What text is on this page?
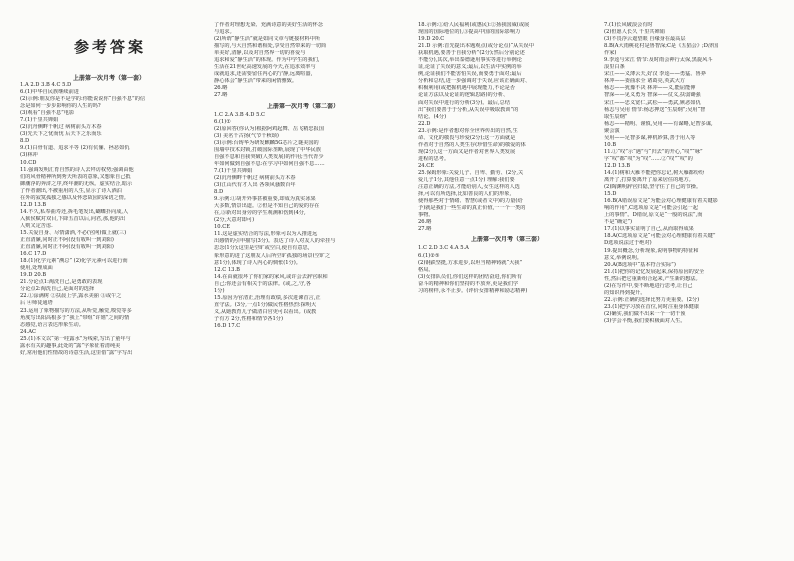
参考答案

上册第一次月考（第一套）

1.A 2.D 3.B 4.C 5.D

6.(1)中华自民族继续前进

(2)示例:朋友你是不是学的:你能说说你“自强不息”的信

念是如何一步步影响你的人生的吗?

(3)观看“自强不息”电影

7.(1)千里共婵娟

(2)沉舟侧畔千帆过 病树前头万木春

(3)先天下之忧而忧 后天下之乐而乐

8.D

9.(1)白骨有道、追求平等 (2)有伉俪、拯恶如仇

(3)林冲

10.CD

11.强调发明汇育自然的诗人去拜访权势;强调由他

们的风骨精神所到秀天所表的意象,又想象自己抵

御潮浮的奔浒之序,终年潮的无纵。虚实结合,暗示

了作者潮出,不被重用的人生,显示了诗人酒泊

在外的寂寞孤独之感以及怀恋故园的深切之情。

12.D 13.B

14.不久,私奉曲寿还,拆毛笔发出,蝴蝶扑向成,人

入狱侯赋对双目,下降五首以后,问君,那,他的出

人则又定苦虑.

15.关爱自身、尽情潇洒,不必(官网)做上就(三)

正直清廉,同时正不阿(没有收叫一到刘阳)

正直清廉,同时正不阿(没有收叫一到刘阳)

16.C 17.D

18.(1)化学元素“溯总” (2)化学元素可以进行而

使用,处理成面

19.D 20.B

21.分论点1:淘洗自己,是勇敢的表现

分论点2:淘洗自己,是面对的选择

22.①涂满树 ②扶晨上学,露水美丽 ③或午之

后 ④师徒通塔

23.运用了象物描写的方法,从听觉,触觉,嗅觉等多

角度写出阳高根多于“我上”带组“许嬉”之间的情

态感觉,语言表达形象生动。

24.AC

25.(1)本文以“第一哇露水”为线索,写出了童年与

露水有关的趣事,此处的“露”字象征着清纯美

好,常用他们性情故的诗意生活,这里借“露”字写出

了作者对理想无染、充满诗意的美好生活的怀念

与追求。

(2)所谓“静生活”就是如同文章与链接材料中所

描写的,与大自然和谐相处,享受自然带来的一切简

单美好,清静,以及对自然界一切的喜爱与

追求和爱“静生活”的体现。作为中学生的我们,

生活在21世纪高速发展的今天,在追求效率与

成就追求,还需要留住内心的宁静,远离喧嚣,

静心体会“静生活”带来的闲情雅致。

26.略

27.略

上册第一次月考（第二套）

1.C 2.A 3.B 4.D 5.C

6.(1)①

(2)原回答(你认为)根据阿鸡起舞、岳飞精忠报国

(3) 美名千古扬(气节千秋颂)

(3)示例:台铸华为研发麒麟5G芯片之谜美国的

围墙中技术封锁,打破国际垄断,展现了中华民族

自强不息和自我突破(人类发展)的作用;当代青少

年如何做到自强不息:在学习中如何自强不息……

7.(1)千里共婵娟

(2)沉舟侧畔千帆过 病树前头万木春

(3)江山代有才人出 各领风骚数百年

8.D

9.示例:①胡开外事甚被重要,却成为真实冰果

大多数,情景出道。②但是不知自己的爱的存在

在,③新对出身旁的学生观测和伤到(4分,

(2分,大意对即可)

10.CE

11.这是虚实结合的写法,形象可以为入推进远

出感情的引申描写(3分)。表达了诗人对友人的牵挂与

思念(1分);这里是空旷或空白,使自有意思,

象形意的进了这朋友人后所空旷孤独的场景(空旷之

意1分),体现了诗人内心的惆怅(1分)。

12.C 13.B

14.在由就很坏了你们家的家风,或许会去辞官职和

自己;你还会有相关于的法律。(或,之,守,各

1分)

15.原因为官清正,治理有政绩,多次进谏首言,正

直守法。(3分,一点1分)做民性格热烈:探明大

义,从她教育儿子做清白官吏可以看出。(或教

子有方 2分,性格和情节各1分)

16.D 17.C

18.示例:①给人民福利(或惠民):②扬我国威(或展

现国的国际地位的),③提高中国的国际影响力

19.D 20.C

21.D 示例:首先提出本题观点(或分论点)“从失误中

获取机遇,要善于自我分析”(2分);然后分别论述

不能分),其次,举出泰德逊用事实等进行举例论

证,论证了失误的意义;最后,以生活中实例的举

例,论证我们不能害怕失误,而要勇于面对;最后

分析和总结,进一步强调对于失误,应该正确面对、

积极利用(或把握机遇中展现能力,不论是否

论证方法以及论证的逻辑思路)的分析、

面对失误中进行的分析(3分)。最后,总结

出“我们要善于于分析,从失误中吸取教训”的

结论。(4分)

22.D

23.示例:是作者想对你全世界传出的自然,生

命、文化的敬畏与珍爱(2分);这一方面就是

作者对于自然的人类生存(珍惜生命)的敬爱的体

现(2分),这一方面又是作者对世界人类发展

进程的思考。

24.CE

25.保姆形象:关爱儿子、自卑、勤劳、(2分,关

爱儿子1分,其他任意一点1分) 理解:我们要

注意正确的方法,才能给别人,女生这样的人选

择,可以有所选择,比如善良的人们的形象,

使得那些对于情绪、智慧(或者文中)的力量(给

予)就是我们一些生命的真正价值,一一个一类的

事物。

26.略

27.略

上册第一次月考（第三套）

1.C 2.D 3.C 4.A 5.A

6.(1)②⑤

(2)钢鉄坚挺,方求进步,以坦当精神铸就“大我”

格局。

(3)女排队员们,你们这样的团结奋进,你们所有

奋斗的精神和你们坚持的不放弃,更是我们学

习的榜样,永不止步。(评价女排精神和励志精神)

7.(1)长风破浪会有时

(2)但愿人长久 千里共婵娟

(3)不畏浮云遮望眼 自缘身在最高层

8.B(A大雨桃花村是鲁智深;C是《五猖会》;D济国

作家)

9.李逵与宋江 情节:及时雨会神行太保,黑旋风斗

浪里白条

宋江——义薄云天,好汉 李逵——勇猛、鲁莽

林冲——委曲求全 诸葛亮,英武大方

杨志——犹豫不决 林冲——义,能屈能伸

智深——见义勇为 智深——仗义,扶弱锄强

宋江——忠义宽仁,武松——勇武,嫉恶如仇

杨志与吴用 情节:杨志押送“生辰纲”;吴用“智

取生辰纲”

杨志——精明、谨慎,吴用——有谋略,足智多谋,

聚会演

吴用——足智多谋,神机妙算,善于用人等

10.B

11.①“叹”示“遇”与“归去”的开心,“叹”“咏”

字“叹”都“叹”为“叹”……②“叹”“叹”的

12.D 13.B

14.(1)树和大雁不能把你忘记,树大雁都纷纷

离开了,打算要离开了原来居住的地方。

(2)陶渊明辞官归隐,坚守住了自己的节操。

15.D

16.B(A错误原文是“为能会对心理健康有着关键影

响的作用”,C选项原文是“可能会引起一起

上的事情”。D错误,原文是“一般的说法”,而

不是“确定”)

17.(1)以事实证明了自己,从而取得成果

18.A(C选项原文是“可能会对心理健康有着关键”

D选项说法过于绝对)

19.提出概念,分析现象,说明事物的特征和

意义,举例说明。

20.A(B选项中“基本符合实际”)

21.(1)把你的记忆发展起来,保持原因的安全

性,然后把它重新组合起来,产生新的想法。

(2)在写作中,要不断地进行思考,让自己

的知识得到提升。

22.示例:正确的选择比努力更重要。(2分)

23.(1)把学习放在首位,同时注重身体健康

(2)确实,我们做不出来一个一切干预

(3)学会平衡,我们要积极面对人生。
